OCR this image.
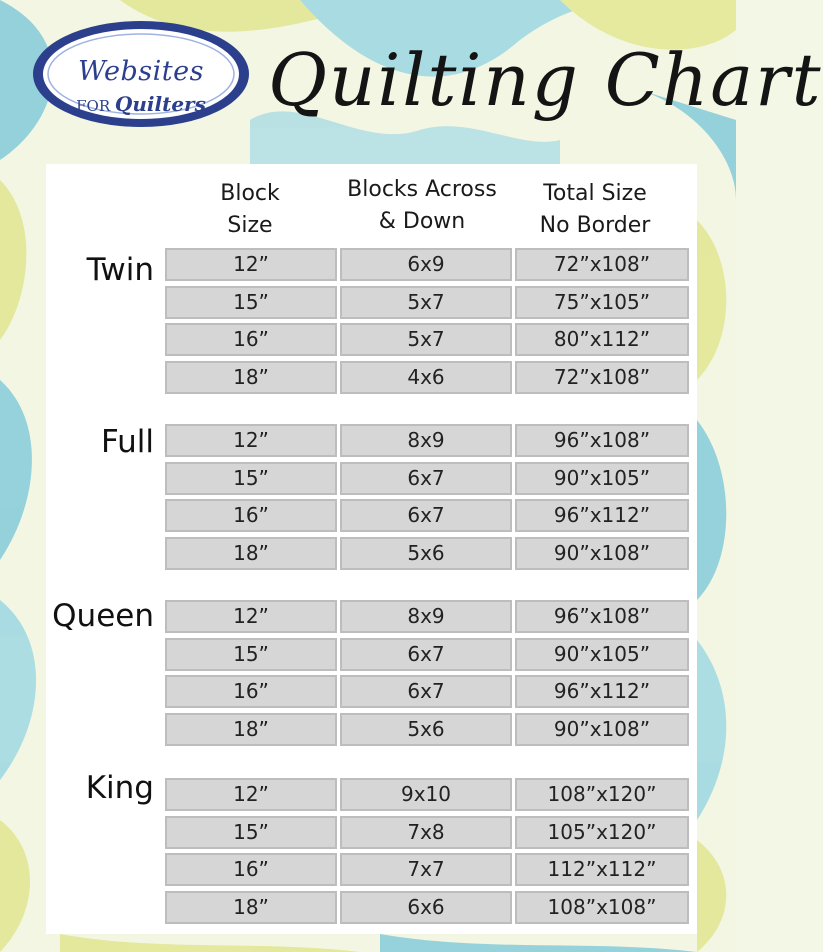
Websites
FOR Quilters Quilting Chart
Block
Size
Blocks Across
& Down
Total Size
No Border
Twin	12”	6x9	72”x108”
15”	5x7	75”x105”
16”	5x7	80”x112”
18”	4x6	72”x108”
Full	12”	8x9	96”x108”
15”	6x7	90”x105”
16”	6x7	96”x112”
18”	5x6	90”x108”
Queen	12”	8x9	96”x108”
15”	6x7	90”x105”
16”	6x7	96”x112”
18”	5x6	90”x108”
King	12”	9x10	108”x120”
15”	7x8	105”x120”
16”	7x7	112”x112”
18”	6x6	108”x108”
